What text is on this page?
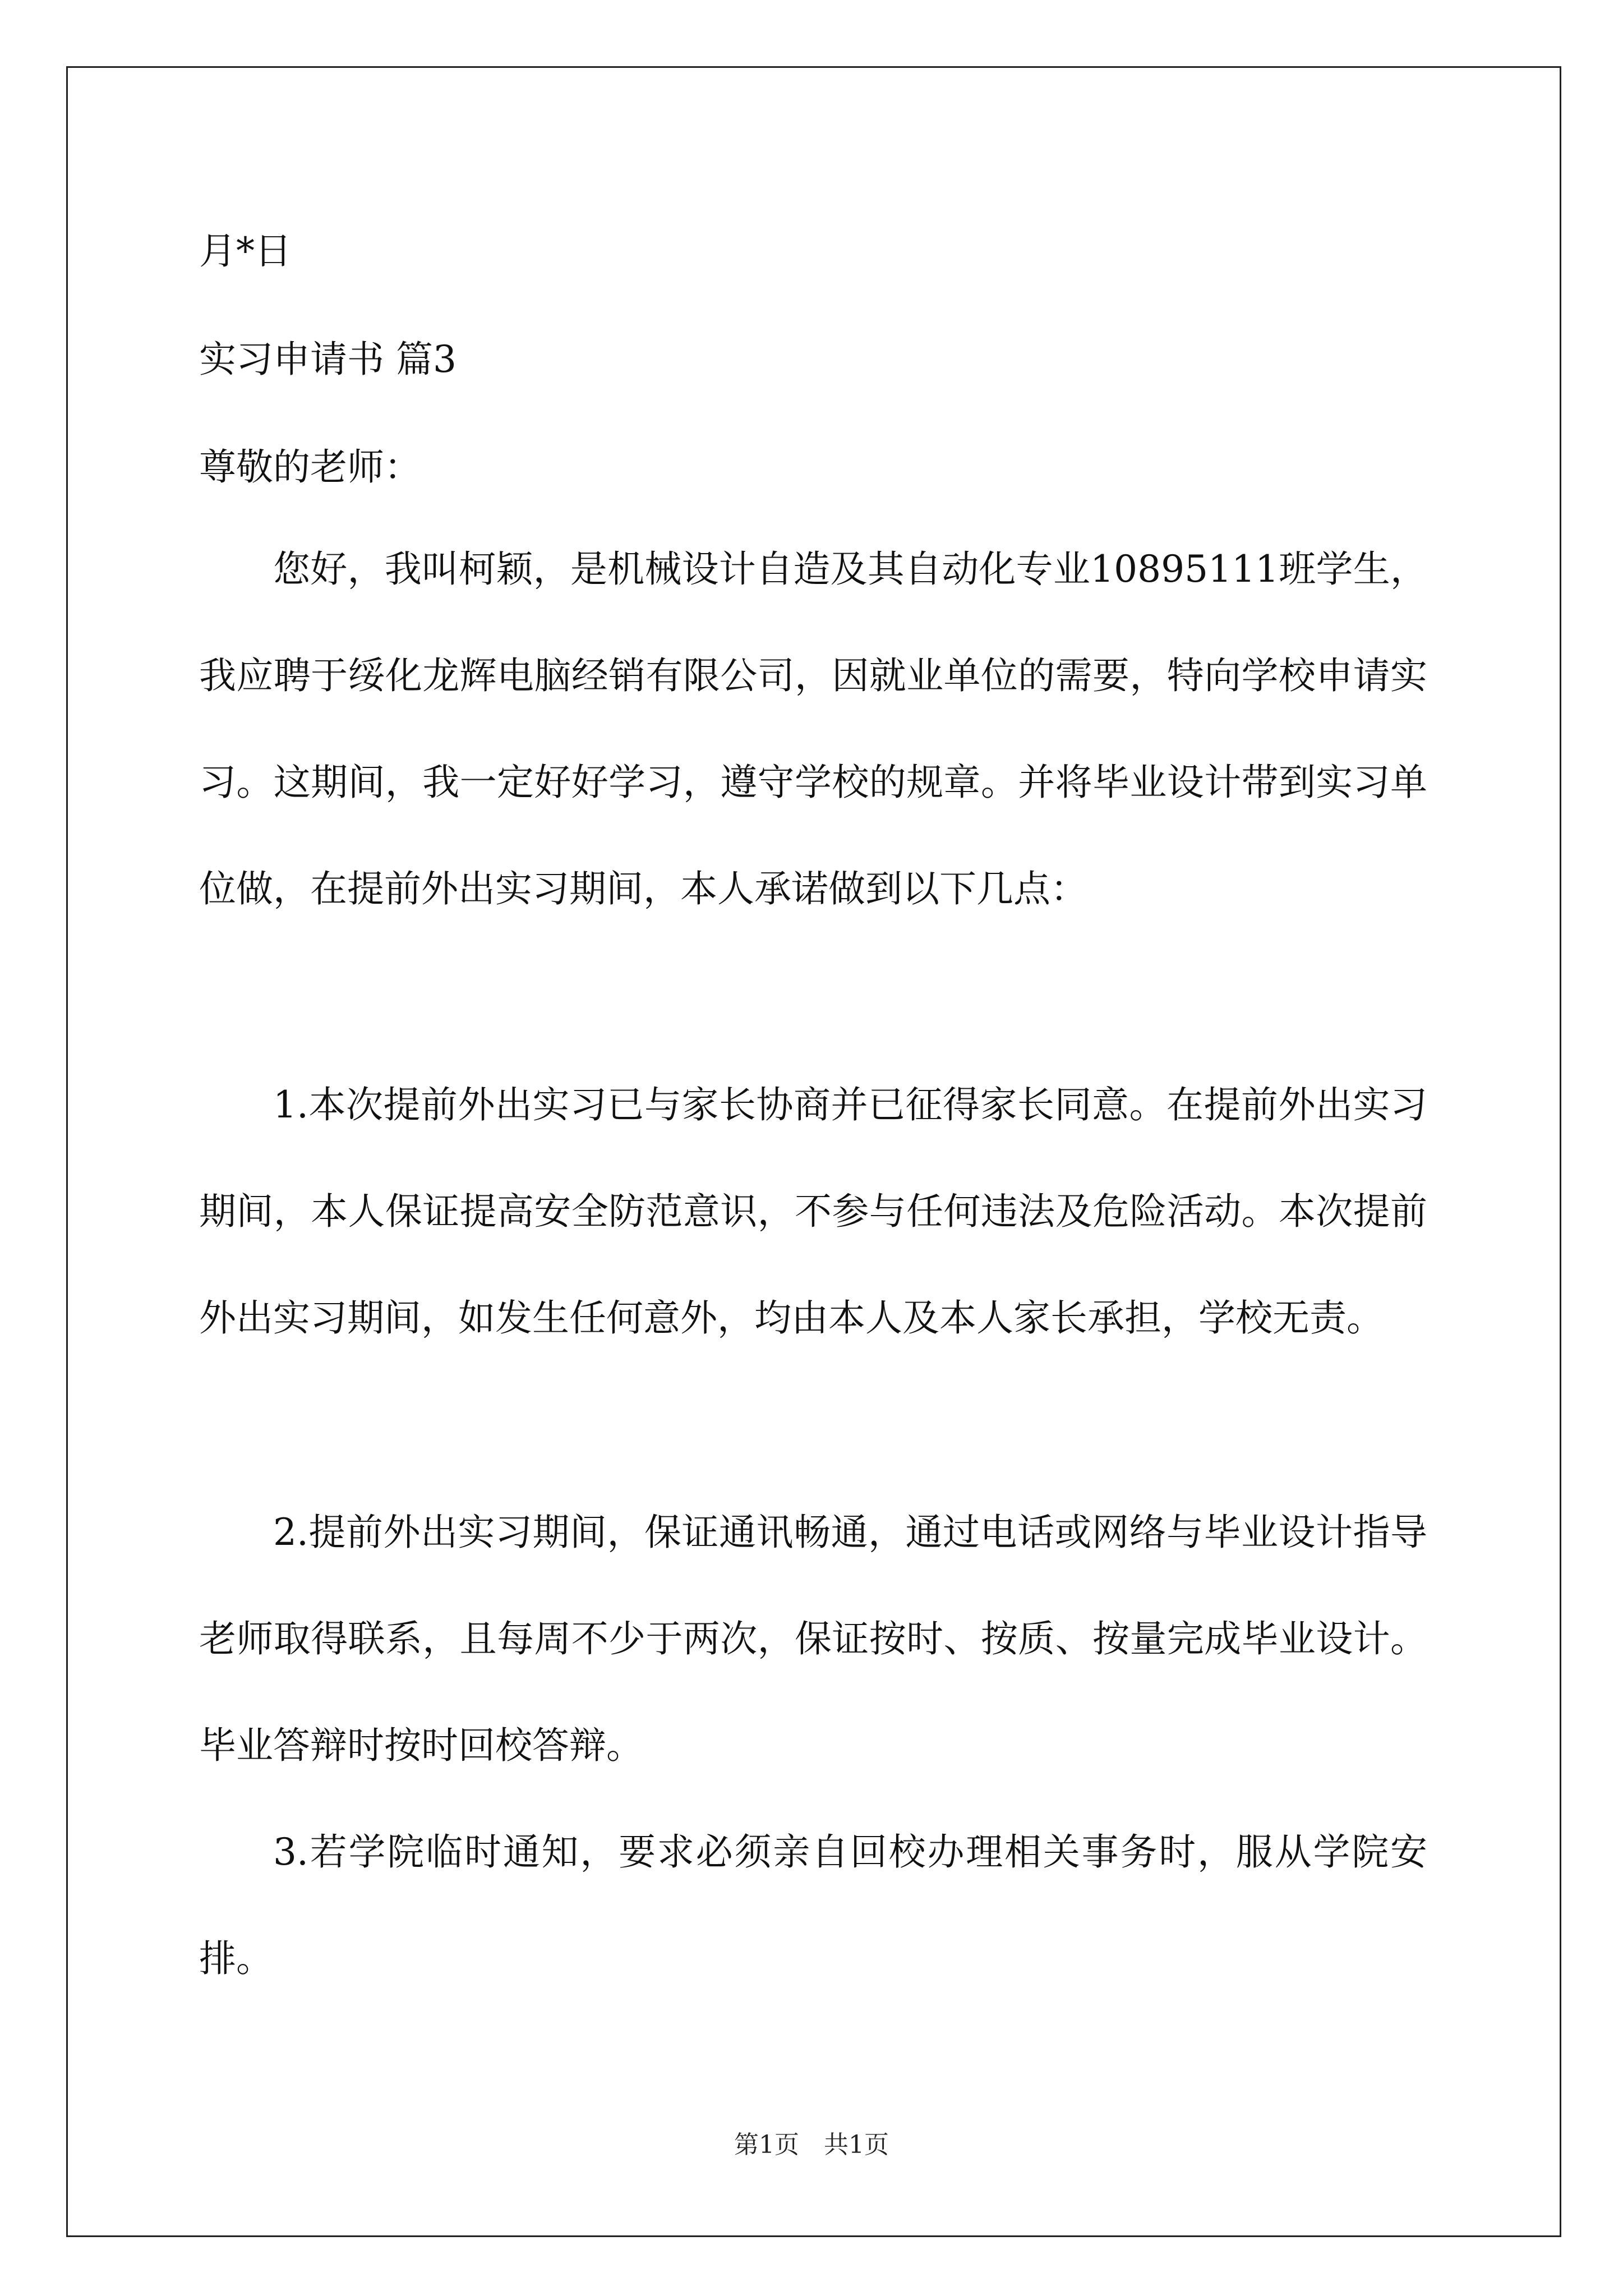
月*日

实习申请书 篇3

尊敬的老师：

您好，我叫柯颖，是机械设计自造及其自动化专业10895111班学生，我应聘于绥化龙辉电脑经销有限公司，因就业单位的需要，特向学校申请实习。这期间，我一定好好学习，遵守学校的规章。并将毕业设计带到实习单位做，在提前外出实习期间，本人承诺做到以下几点：

1.本次提前外出实习已与家长协商并已征得家长同意。在提前外出实习期间，本人保证提高安全防范意识，不参与任何违法及危险活动。本次提前外出实习期间，如发生任何意外，均由本人及本人家长承担，学校无责。

2.提前外出实习期间，保证通讯畅通，通过电话或网络与毕业设计指导老师取得联系，且每周不少于两次，保证按时、按质、按量完成毕业设计。毕业答辩时按时回校答辩。

3.若学院临时通知，要求必须亲自回校办理相关事务时，服从学院安排。

第1页　共1页
